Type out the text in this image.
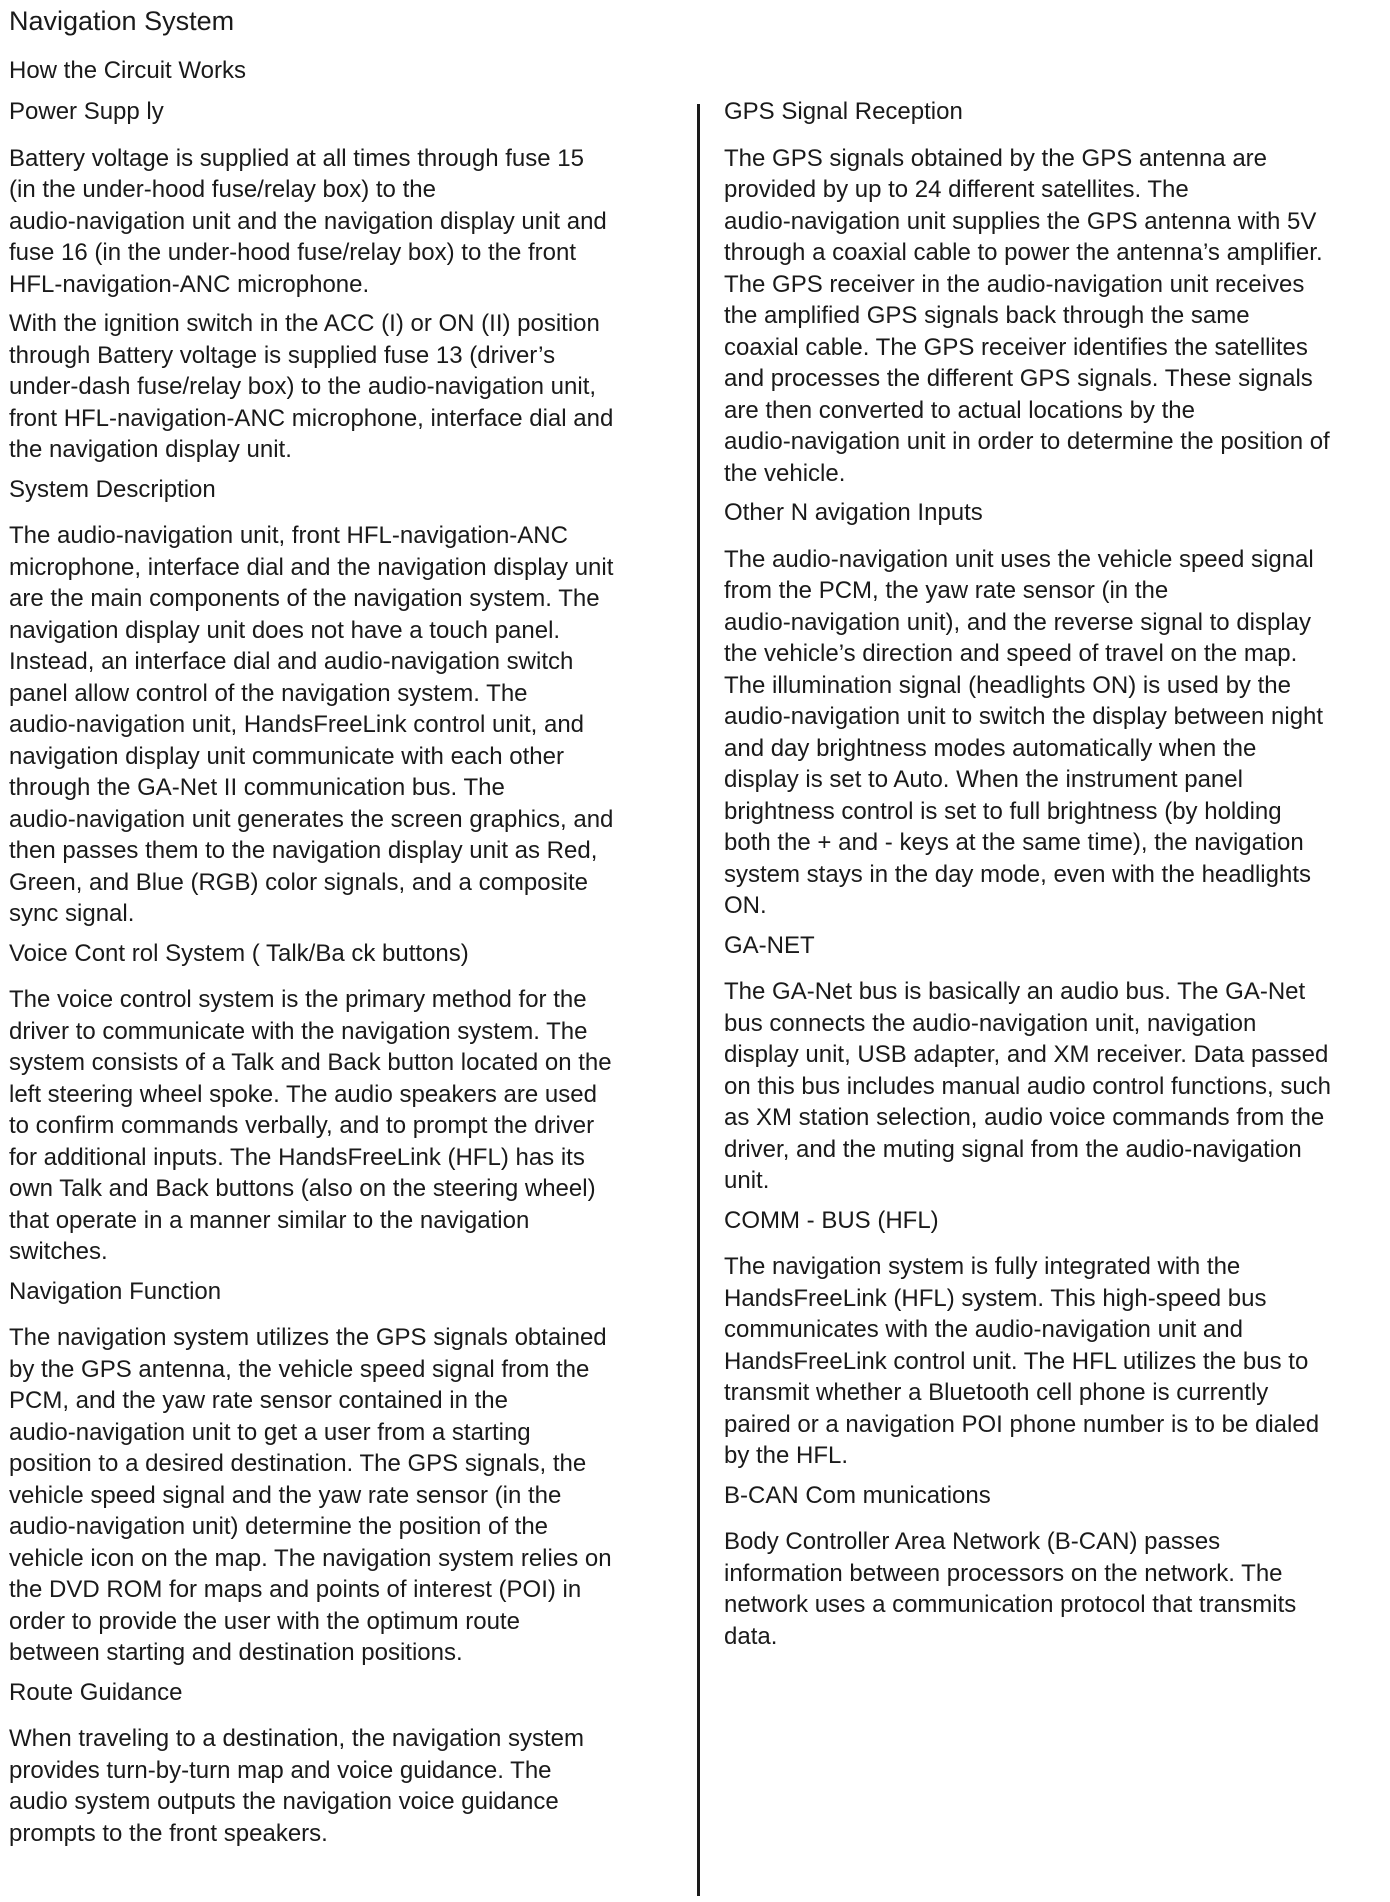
Navigation System
How the Circuit Works
Power Supp ly

Battery voltage is supplied at all times through fuse 15
(in the under-hood fuse/relay box) to the
audio-navigation unit and the navigation display unit and
fuse 16 (in the under-hood fuse/relay box) to the front
HFL-navigation-ANC microphone.

With the ignition switch in the ACC (I) or ON (II) position
through Battery voltage is supplied fuse 13 (driver’s
under-dash fuse/relay box) to the audio-navigation unit,
front HFL-navigation-ANC microphone, interface dial and
the navigation display unit.

System Description

The audio-navigation unit, front HFL-navigation-ANC
microphone, interface dial and the navigation display unit
are the main components of the navigation system. The
navigation display unit does not have a touch panel.
Instead, an interface dial and audio-navigation switch
panel allow control of the navigation system. The
audio-navigation unit, HandsFreeLink control unit, and
navigation display unit communicate with each other
through the GA-Net II communication bus. The
audio-navigation unit generates the screen graphics, and
then passes them to the navigation display unit as Red,
Green, and Blue (RGB) color signals, and a composite
sync signal.

Voice Cont rol System ( Talk/Ba ck buttons)

The voice control system is the primary method for the
driver to communicate with the navigation system. The
system consists of a Talk and Back button located on the
left steering wheel spoke. The audio speakers are used
to confirm commands verbally, and to prompt the driver
for additional inputs. The HandsFreeLink (HFL) has its
own Talk and Back buttons (also on the steering wheel)
that operate in a manner similar to the navigation
switches.

Navigation Function

The navigation system utilizes the GPS signals obtained
by the GPS antenna, the vehicle speed signal from the
PCM, and the yaw rate sensor contained in the
audio-navigation unit to get a user from a starting
position to a desired destination. The GPS signals, the
vehicle speed signal and the yaw rate sensor (in the
audio-navigation unit) determine the position of the
vehicle icon on the map. The navigation system relies on
the DVD ROM for maps and points of interest (POI) in
order to provide the user with the optimum route
between starting and destination positions.

Route Guidance

When traveling to a destination, the navigation system
provides turn-by-turn map and voice guidance. The
audio system outputs the navigation voice guidance
prompts to the front speakers.

GPS Signal Reception

The GPS signals obtained by the GPS antenna are
provided by up to 24 different satellites. The
audio-navigation unit supplies the GPS antenna with 5V
through a coaxial cable to power the antenna’s amplifier.
The GPS receiver in the audio-navigation unit receives
the amplified GPS signals back through the same
coaxial cable. The GPS receiver identifies the satellites
and processes the different GPS signals. These signals
are then converted to actual locations by the
audio-navigation unit in order to determine the position of
the vehicle.

Other N avigation Inputs

The audio-navigation unit uses the vehicle speed signal
from the PCM, the yaw rate sensor (in the
audio-navigation unit), and the reverse signal to display
the vehicle’s direction and speed of travel on the map.
The illumination signal (headlights ON) is used by the
audio-navigation unit to switch the display between night
and day brightness modes automatically when the
display is set to Auto. When the instrument panel
brightness control is set to full brightness (by holding
both the + and - keys at the same time), the navigation
system stays in the day mode, even with the headlights
ON.

GA-NET

The GA-Net bus is basically an audio bus. The GA-Net
bus connects the audio-navigation unit, navigation
display unit, USB adapter, and XM receiver. Data passed
on this bus includes manual audio control functions, such
as XM station selection, audio voice commands from the
driver, and the muting signal from the audio-navigation
unit.

COMM - BUS (HFL)

The navigation system is fully integrated with the
HandsFreeLink (HFL) system. This high-speed bus
communicates with the audio-navigation unit and
HandsFreeLink control unit. The HFL utilizes the bus to
transmit whether a Bluetooth cell phone is currently
paired or a navigation POI phone number is to be dialed
by the HFL.

B-CAN Com munications

Body Controller Area Network (B-CAN) passes
information between processors on the network. The
network uses a communication protocol that transmits
data.
